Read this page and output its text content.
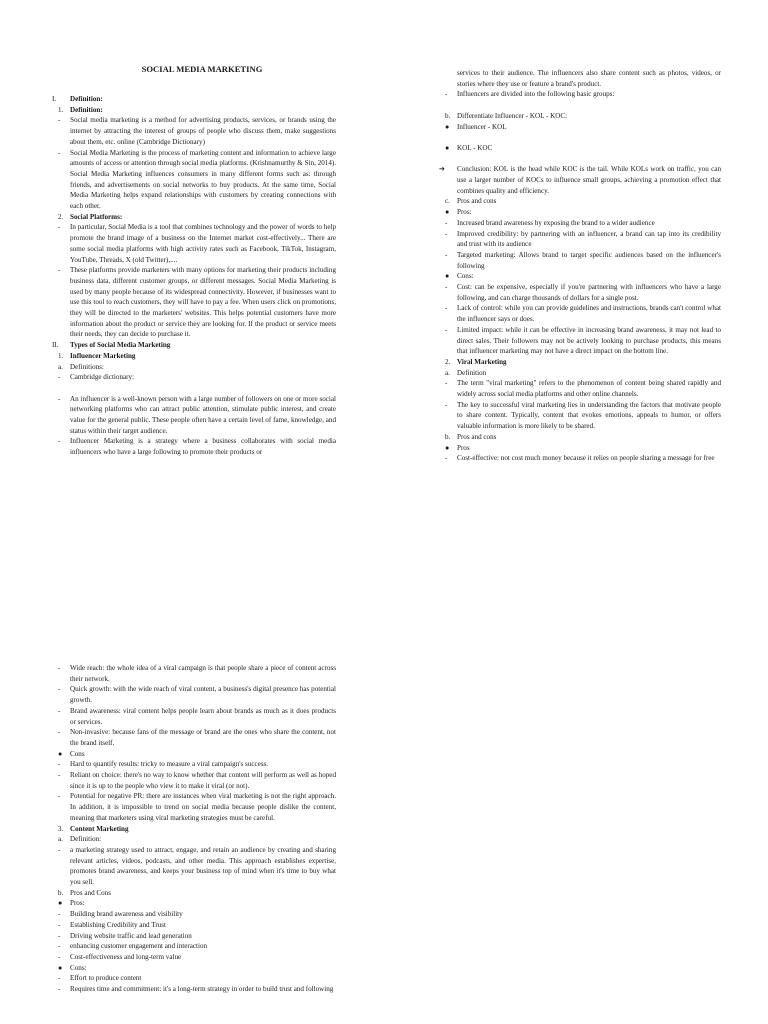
SOCIAL MEDIA MARKETING
I.	Definition:
1. Definition:
-	Social media marketing is a method for advertising products, services, or brands using the internet by attracting the interest of groups of people who discuss them, make suggestions about them, etc. online (Cambridge Dictionary)
-	Social Media Marketing is the process of marketing content and information to achieve large amounts of access or attention through social media platforms. (Krishnamurthy & Sin, 2014). Social Media Marketing influences consumers in many different forms such as: through friends, and advertisements on social networks to buy products. At the same time, Social Media Marketing helps expand relationships with customers by creating connections with each other.
2. Social Platforms:
-	In particular, Social Media is a tool that combines technology and the power of words to help promote the brand image of a business on the Internet market cost-effectively... There are some social media platforms with high activity rates such as Facebook, TikTok, Instagram, YouTube, Threads, X (old Twitter),....
-	These platforms provide marketers with many options for marketing their products including business data, different customer groups, or different messages. Social Media Marketing is used by many people because of its widespread connectivity. However, if businesses want to use this tool to reach customers, they will have to pay a fee. When users click on promotions, they will be directed to the marketers' websites. This helps potential customers have more information about the product or service they are looking for. If the product or service meets their needs, they can decide to purchase it.
II.	Types of Social Media Marketing
1. Influencer Marketing
a. Definitions:
-	Cambridge dictionary:
-	An influencer is a well-known person with a large number of followers on one or more social networking platforms who can attract public attention, stimulate public interest, and create value for the general public. These people often have a certain level of fame, knowledge, and status within their target audience.
-	Influencer Marketing is a strategy where a business collaborates with social media influencers who have a large following to promote their products or
services to their audience. The influencers also share content such as photos, videos, or stories where they use or feature a brand's product.
-	Influencers are divided into the following basic groups:
b. Differentiate Influencer - KOL - KOC:
●	Influencer - KOL
●	KOL - KOC
➔	Conclusion: KOL is the head while KOC is the tail. While KOLs work on traffic, you can use a larger number of KOCs to influence small groups, achieving a promotion effect that combines quality and efficiency.
c. Pros and cons
●	Pros:
-	Increased brand awareness by exposing the brand to a wider audience
-	Improved credibility: by partnering with an influencer, a brand can tap into its credibility and trust with its audience
-	Targeted marketing: Allows brand to target specific audiences based on the influencer's following
●	Cons:
-	Cost: can be expensive, especially if you're partnering with influencers who have a large following, and can charge thousands of dollars for a single post.
-	Lack of control: while you can provide guidelines and instructions, brands can't control what the influencer says or does.
-	Limited impact: while it can be effective in increasing brand awareness, it may not lead to direct sales. Their followers may not be actively looking to purchase products, this means that influencer marketing may not have a direct impact on the bottom line.
2. Viral Marketing
a. Definition
-	The term "viral marketing" refers to the phenomenon of content being shared rapidly and widely across social media platforms and other online channels.
-	The key to successful viral marketing lies in understanding the factors that motivate people to share content. Typically, content that evokes emotions, appeals to humor, or offers valuable information is more likely to be shared.
b. Pros and cons
●	Pros
-	Cost-effective: not cost much money because it relies on people sharing a message for free
-	Wide reach: the whole idea of a viral campaign is that people share a piece of content across their network.
-	Quick growth: with the wide reach of viral content, a business's digital presence has potential growth.
-	Brand awareness: viral content helps people learn about brands as much as it does products or services.
-	Non-invasive: because fans of the message or brand are the ones who share the content, not the brand itself.
●	Cons
-	Hard to quantify results: tricky to measure a viral campaign's success.
-	Reliant on choice: there's no way to know whether that content will perform as well as hoped since it is up to the people who view it to make it viral (or not).
-	Potential for negative PR: there are instances when viral marketing is not the right approach. In addition, it is impossible to trend on social media because people dislike the content, meaning that marketers using viral marketing strategies must be careful.
3. Content Marketing
a. Definition:
-	a marketing strategy used to attract, engage, and retain an audience by creating and sharing relevant articles, videos, podcasts, and other media. This approach establishes expertise, promotes brand awareness, and keeps your business top of mind when it's time to buy what you sell.
b. Pros and Cons
●	Pros:
-	Building brand awareness and visibility
-	Establishing Credibility and Trust
-	Driving website traffic and lead generation
-	enhancing customer engagement and interaction
-	Cost-effectiveness and long-term value
●	Cons:
-	Effort to produce content
-	Requires time and commitment: it's a long-term strategy in order to build trust and following
